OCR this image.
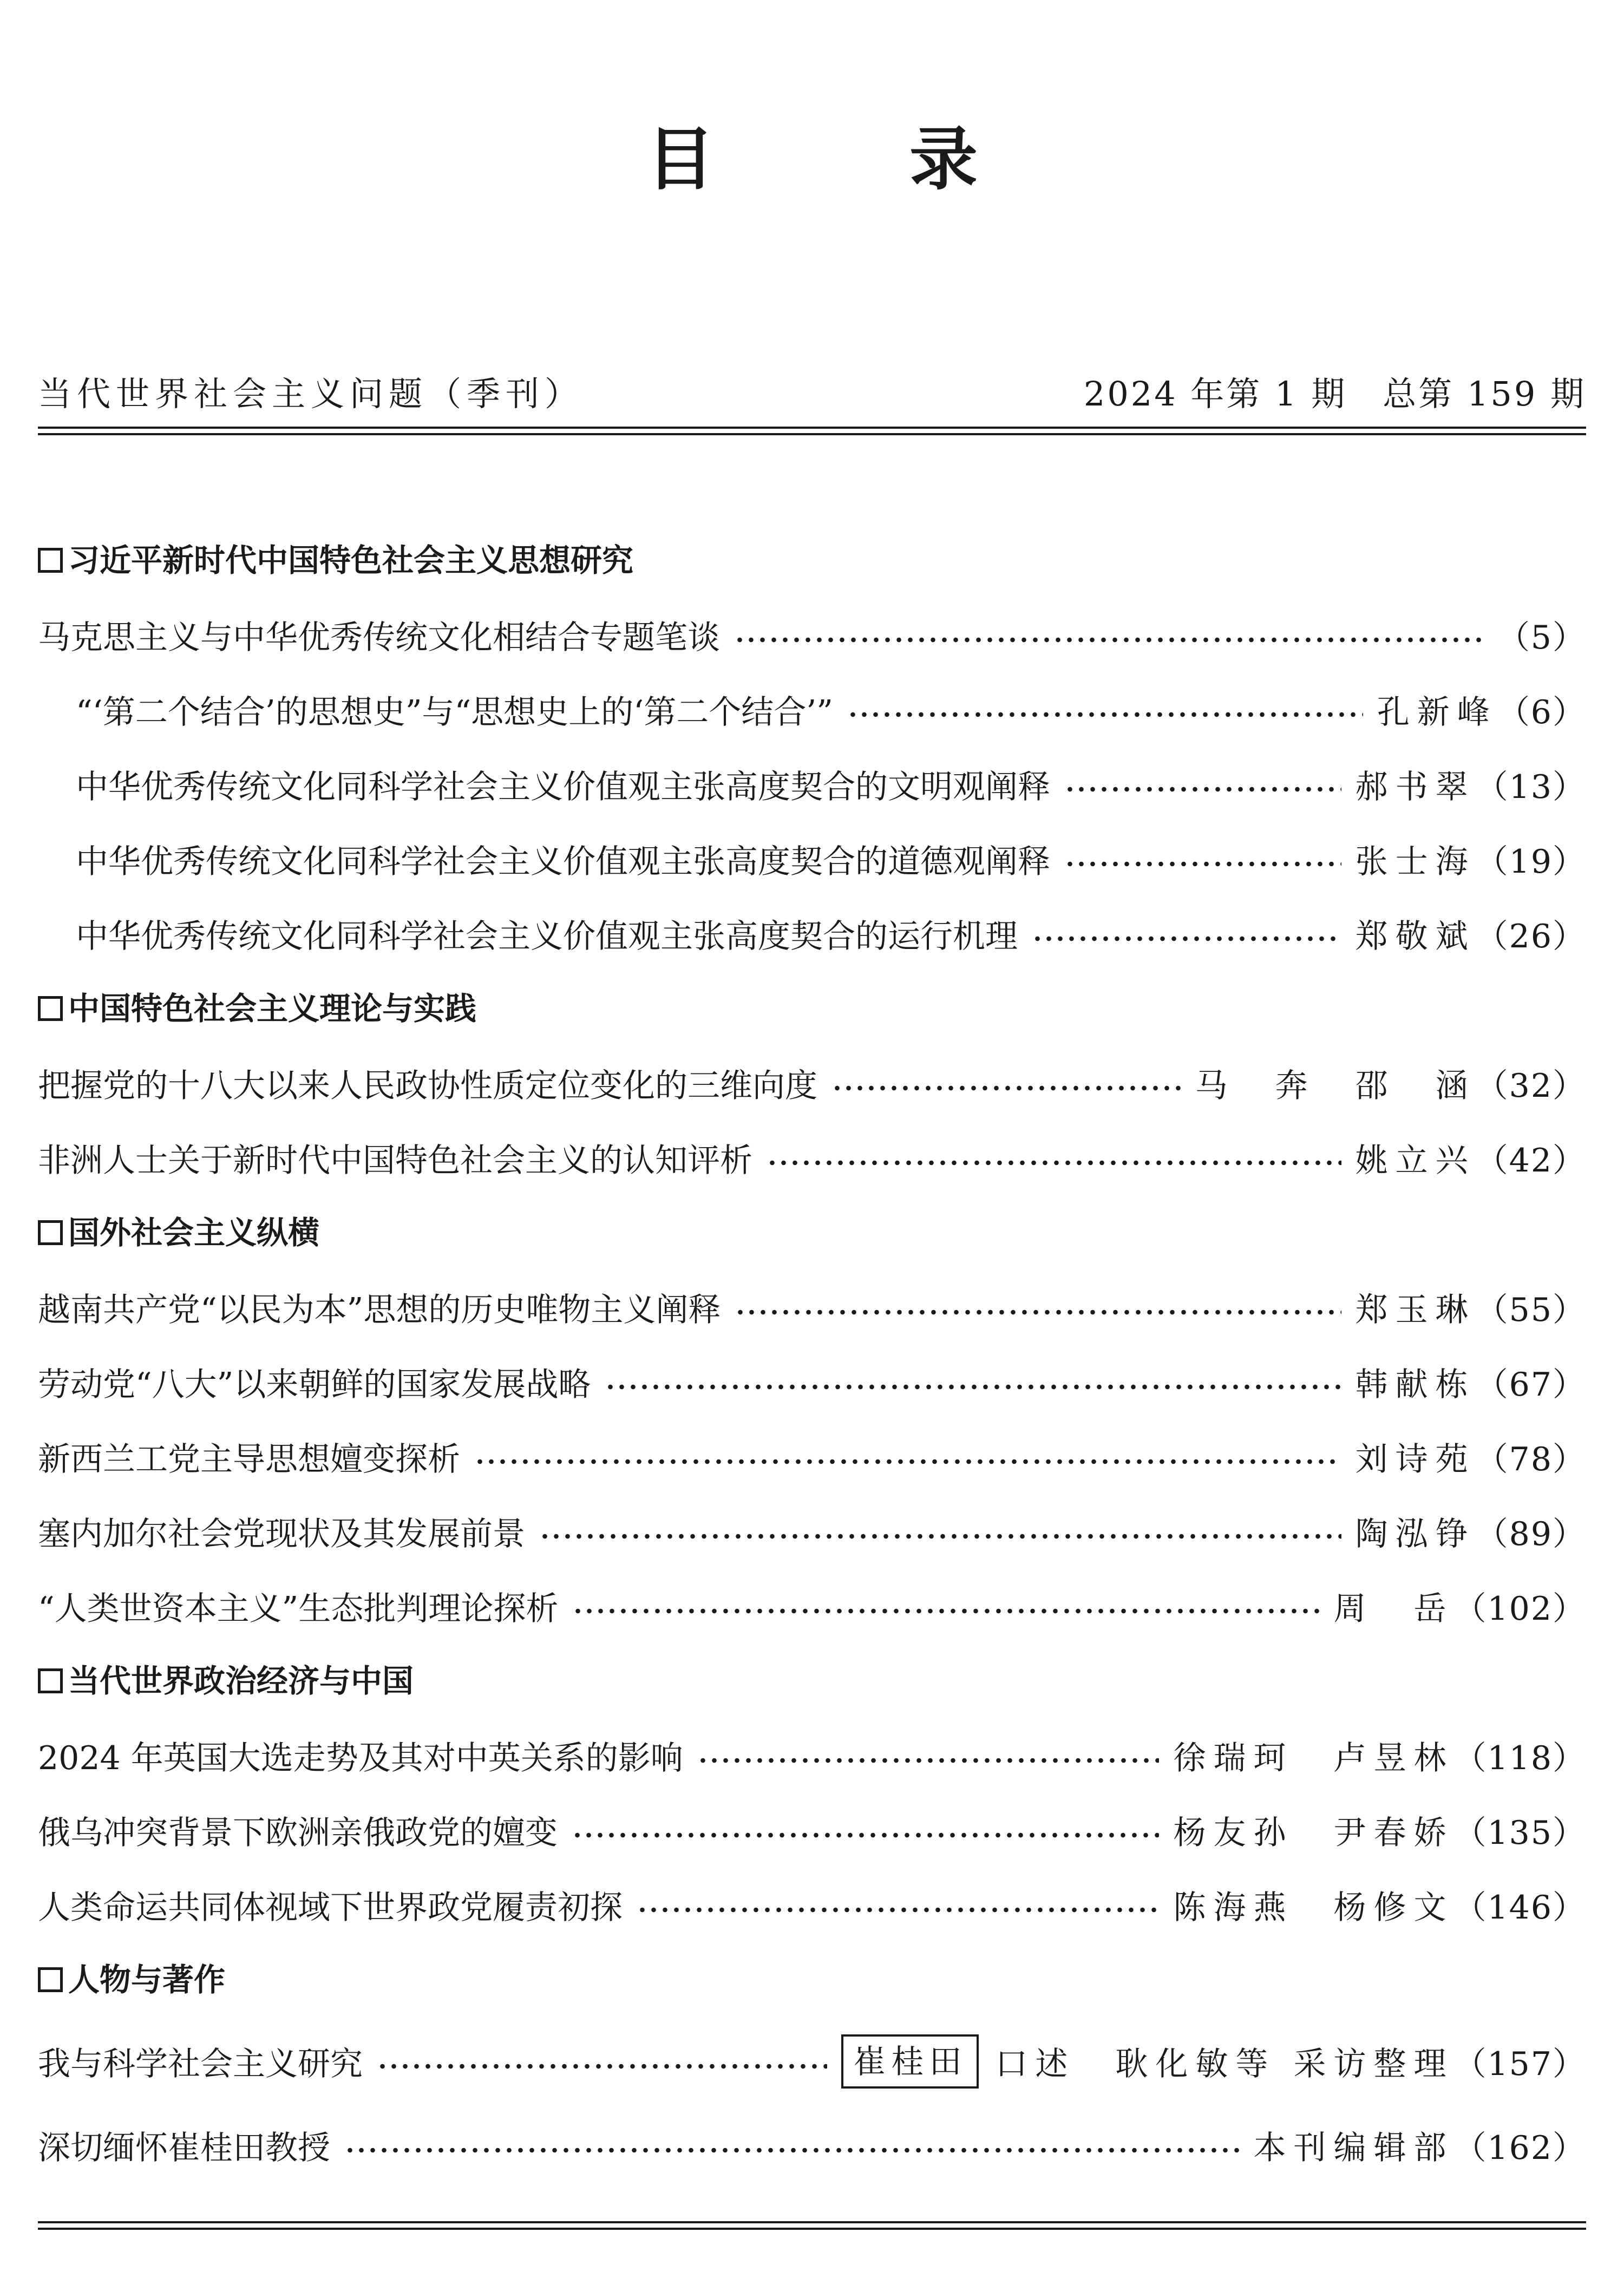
目	录
当代世界社会主义问题（季刊）	2024 年第 1 期　总第 159 期
习近平新时代中国特色社会主义思想研究
马克思主义与中华优秀传统文化相结合专题笔谈	（5）
“‘第二个结合’的思想史”与“思想史上的‘第二个结合’”	孔新峰 （6）
中华优秀传统文化同科学社会主义价值观主张高度契合的文明观阐释	郝书翠 （13）
中华优秀传统文化同科学社会主义价值观主张高度契合的道德观阐释	张士海 （19）
中华优秀传统文化同科学社会主义价值观主张高度契合的运行机理	郑敬斌 （26）
中国特色社会主义理论与实践
把握党的十八大以来人民政协性质定位变化的三维向度	马　奔　邵　涵 （32）
非洲人士关于新时代中国特色社会主义的认知评析	姚立兴 （42）
国外社会主义纵横
越南共产党“以民为本”思想的历史唯物主义阐释	郑玉琳 （55）
劳动党“八大”以来朝鲜的国家发展战略	韩献栋 （67）
新西兰工党主导思想嬗变探析	刘诗苑 （78）
塞内加尔社会党现状及其发展前景	陶泓铮 （89）
“人类世资本主义”生态批判理论探析	周　岳 （102）
当代世界政治经济与中国
2024 年英国大选走势及其对中英关系的影响	徐瑞珂　卢昱林 （118）
俄乌冲突背景下欧洲亲俄政党的嬗变	杨友孙　尹春娇 （135）
人类命运共同体视域下世界政党履责初探	陈海燕　杨修文 （146）
人物与著作
我与科学社会主义研究	崔桂田 口述　耿化敏等 采访整理 （157）
深切缅怀崔桂田教授	本刊编辑部 （162）
